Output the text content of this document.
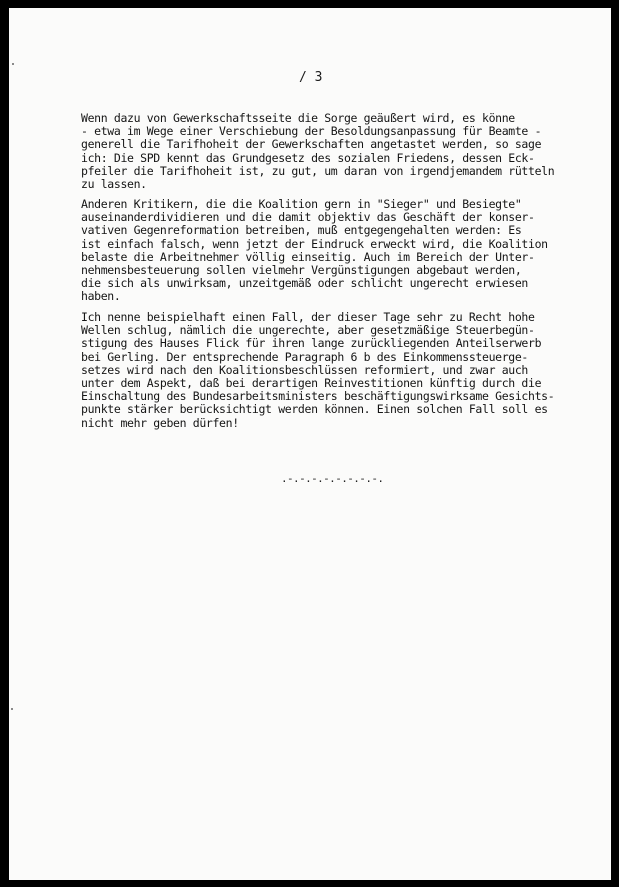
/ 3
Wenn dazu von Gewerkschaftsseite die Sorge geäußert wird, es könne
- etwa im Wege einer Verschiebung der Besoldungsanpassung für Beamte -
generell die Tarifhoheit der Gewerkschaften angetastet werden, so sage
ich: Die SPD kennt das Grundgesetz des sozialen Friedens, dessen Eck-
pfeiler die Tarifhoheit ist, zu gut, um daran von irgendjemandem rütteln
zu lassen.
Anderen Kritikern, die die Koalition gern in "Sieger" und Besiegte"
auseinanderdividieren und die damit objektiv das Geschäft der konser-
vativen Gegenreformation betreiben, muß entgegengehalten werden: Es
ist einfach falsch, wenn jetzt der Eindruck erweckt wird, die Koalition
belaste die Arbeitnehmer völlig einseitig. Auch im Bereich der Unter-
nehmensbesteuerung sollen vielmehr Vergünstigungen abgebaut werden,
die sich als unwirksam, unzeitgemäß oder schlicht ungerecht erwiesen
haben.
Ich nenne beispielhaft einen Fall, der dieser Tage sehr zu Recht hohe
Wellen schlug, nämlich die ungerechte, aber gesetzmäßige Steuerbegün-
stigung des Hauses Flick für ihren lange zurückliegenden Anteilserwerb
bei Gerling. Der entsprechende Paragraph 6 b des Einkommenssteuerge-
setzes wird nach den Koalitionsbeschlüssen reformiert, und zwar auch
unter dem Aspekt, daß bei derartigen Reinvestitionen künftig durch die
Einschaltung des Bundesarbeitsministers beschäftigungswirksame Gesichts-
punkte stärker berücksichtigt werden können. Einen solchen Fall soll es
nicht mehr geben dürfen!
.-.-.-.-.-.-.-.-.
